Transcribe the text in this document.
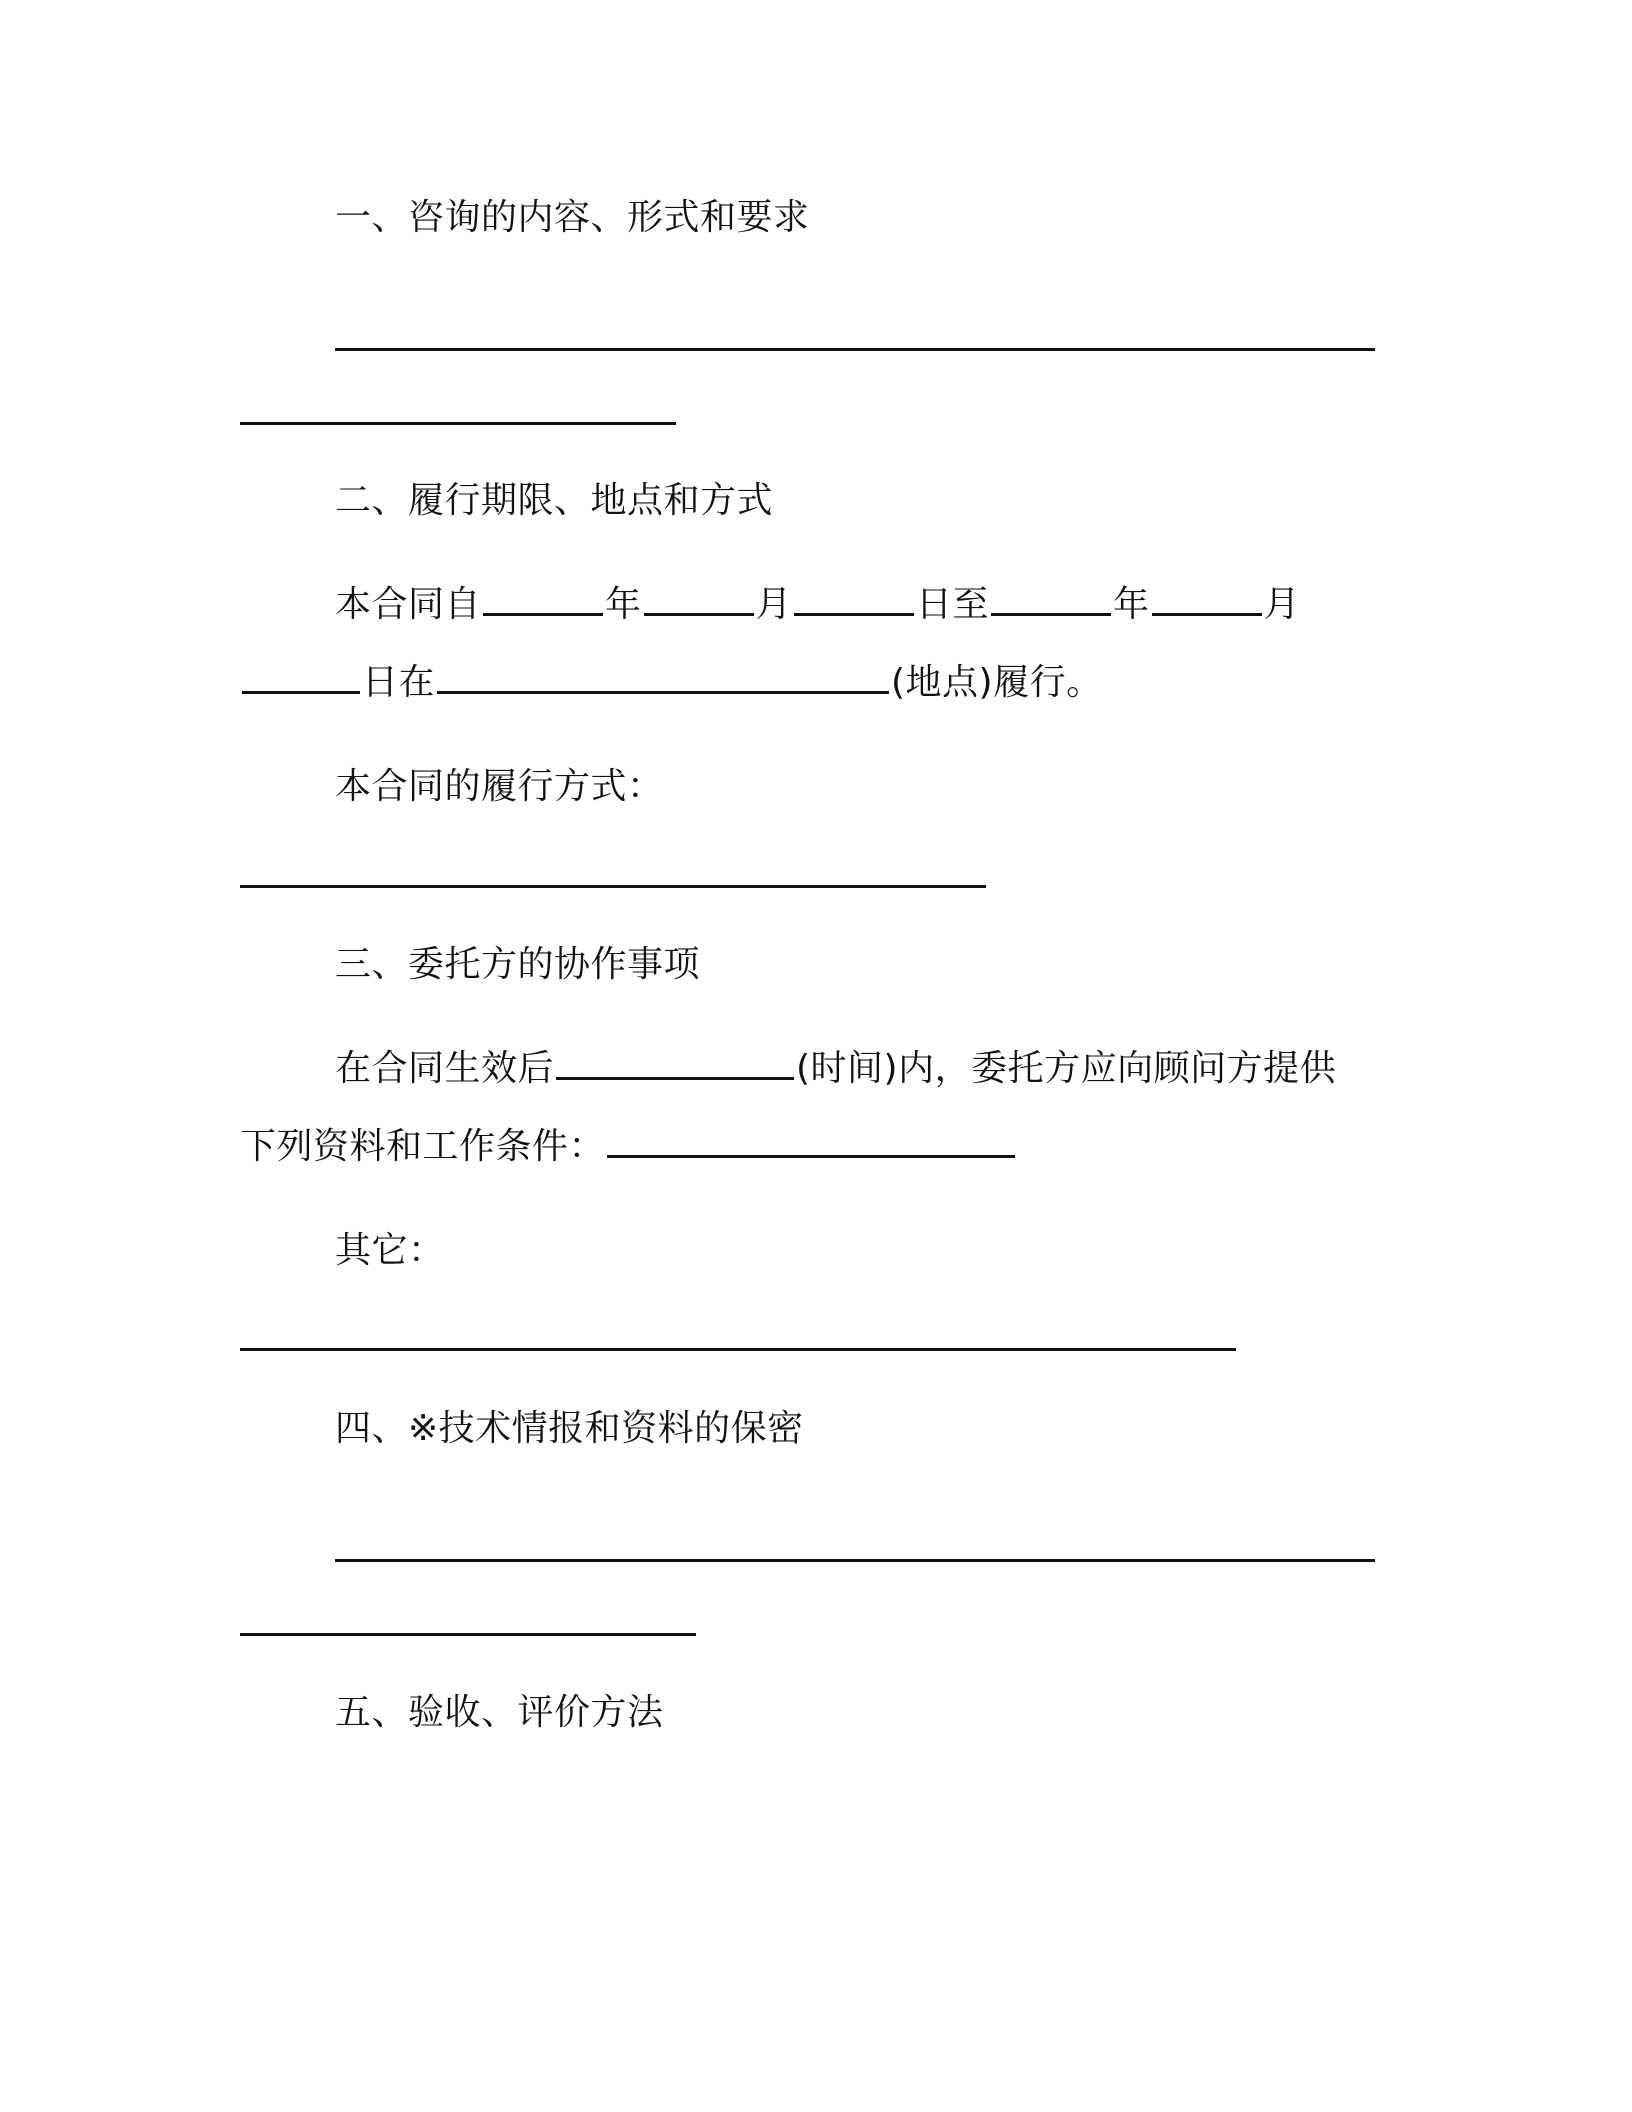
一、咨询的内容、形式和要求
二、履行期限、地点和方式
本合同自	年	月	日至	年	月
日在	(地点)履行。
本合同的履行方式：
三、委托方的协作事项
在合同生效后	(时间)内，委托方应向顾问方提供
下列资料和工作条件：
其它：
四、※技术情报和资料的保密
五、验收、评价方法
